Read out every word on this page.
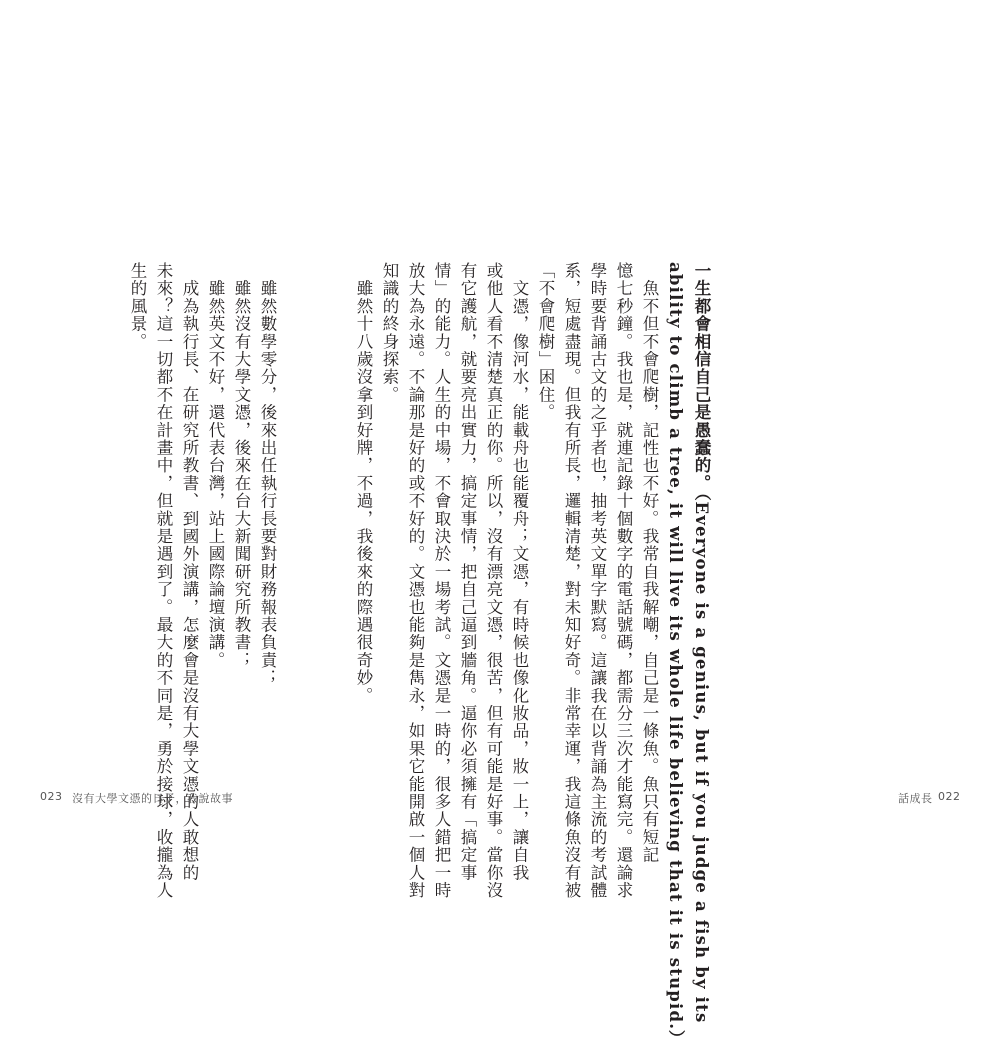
一生都會相信自己是愚蠢的。（Everyone is a genius, but if you judge a fish by its
ability to climb a tree, it will live its whole life believing that it is stupid.）
　魚不但不會爬樹，記性也不好。我常自我解嘲，自己是一條魚。魚只有短記
憶七秒鐘。我也是，就連記錄十個數字的電話號碼，都需分三次才能寫完。還論求
學時要背誦古文的之乎者也，抽考英文單字默寫。這讓我在以背誦為主流的考試體
系，短處盡現。但我有所長，邏輯清楚，對未知好奇。非常幸運，我這條魚沒有被
「不會爬樹」困住。
　文憑，像河水，能載舟也能覆舟；文憑，有時候也像化妝品，妝一上，讓自我
或他人看不清楚真正的你。所以，沒有漂亮文憑，很苦，但有可能是好事。當你沒
有它護航，就要亮出實力，搞定事情，把自己逼到牆角。逼你必須擁有「搞定事
情」的能力。人生的中場，不會取決於一場考試。文憑是一時的，很多人錯把一時
放大為永遠。不論那是好的或不好的。文憑也能夠是雋永，如果它能開啟一個人對
知識的終身探索。
　雖然十八歲沒拿到好牌，不過，我後來的際遇很奇妙。
　雖然數學零分，後來出任執行長要對財務報表負責；
　雖然沒有大學文憑，後來在台大新聞研究所教書；
　雖然英文不好，還代表台灣，站上國際論壇演講。
　成為執行長、在研究所教書、到國外演講，怎麼會是沒有大學文憑的人敢想的
未來？這一切都不在計畫中，但就是遇到了。最大的不同是，勇於接球，收攏為人
生的風景。
023 沒有大學文憑的日子，我說故事	話成長 022
